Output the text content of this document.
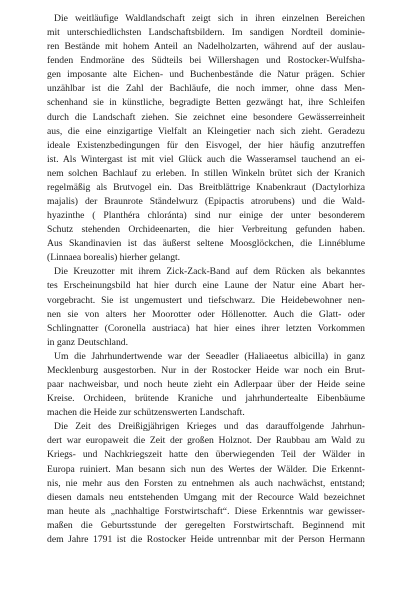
Die weitläufige Waldlandschaft zeigt sich in ihren einzelnen Bereichen
mit unterschiedlichsten Landschaftsbildern. Im sandigen Nordteil dominie-
ren Bestände mit hohem Anteil an Nadelholzarten, während auf der auslau-
fenden Endmoräne des Südteils bei Willershagen und Rostocker-Wulfsha-
gen imposante alte Eichen- und Buchenbestände die Natur prägen. Schier
unzählbar ist die Zahl der Bachläufe, die noch immer, ohne dass Men-
schenhand sie in künstliche, begradigte Betten gezwängt hat, ihre Schleifen
durch die Landschaft ziehen. Sie zeichnet eine besondere Gewässerreinheit
aus, die eine einzigartige Vielfalt an Kleingetier nach sich zieht. Geradezu
ideale Existenzbedingungen für den Eisvogel, der hier häufig anzutreffen
ist. Als Wintergast ist mit viel Glück auch die Wasseramsel tauchend an ei-
nem solchen Bachlauf zu erleben. In stillen Winkeln brütet sich der Kranich
regelmäßig als Brutvogel ein. Das Breitblättrige Knabenkraut (Dactylorhiza
majalis) der Braunrote Ständelwurz (Epipactis atrorubens) und die Wald-
hyazinthe ( Planthéra chloránta) sind nur einige der unter besonderem
Schutz stehenden Orchideenarten, die hier Verbreitung gefunden haben.
Aus Skandinavien ist das äußerst seltene Moosglöckchen, die Linnéblume
(Linnaea borealis) hierher gelangt.
Die Kreuzotter mit ihrem Zick-Zack-Band auf dem Rücken als bekanntes
tes Erscheinungsbild hat hier durch eine Laune der Natur eine Abart her-
vorgebracht. Sie ist ungemustert und tiefschwarz. Die Heidebewohner nen-
nen sie von alters her Moorotter oder Höllenotter. Auch die Glatt- oder
Schlingnatter (Coronella austriaca) hat hier eines ihrer letzten Vorkommen
in ganz Deutschland.
Um die Jahrhundertwende war der Seeadler (Haliaeetus albicilla) in ganz
Mecklenburg ausgestorben. Nur in der Rostocker Heide war noch ein Brut-
paar nachweisbar, und noch heute zieht ein Adlerpaar über der Heide seine
Kreise. Orchideen, brütende Kraniche und jahrhundertealte Eibenbäume
machen die Heide zur schützenswerten Landschaft.
Die Zeit des Dreißigjährigen Krieges und das darauffolgende Jahrhun-
dert war europaweit die Zeit der großen Holznot. Der Raubbau am Wald zu
Kriegs- und Nachkriegszeit hatte den überwiegenden Teil der Wälder in
Europa ruiniert. Man besann sich nun des Wertes der Wälder. Die Erkennt-
nis, nie mehr aus den Forsten zu entnehmen als auch nachwächst, entstand;
diesen damals neu entstehenden Umgang mit der Recource Wald bezeichnet
man heute als „nachhaltige Forstwirtschaft“. Diese Erkenntnis war gewisser-
maßen die Geburtsstunde der geregelten Forstwirtschaft. Beginnend mit
dem Jahre 1791 ist die Rostocker Heide untrennbar mit der Person Hermann
